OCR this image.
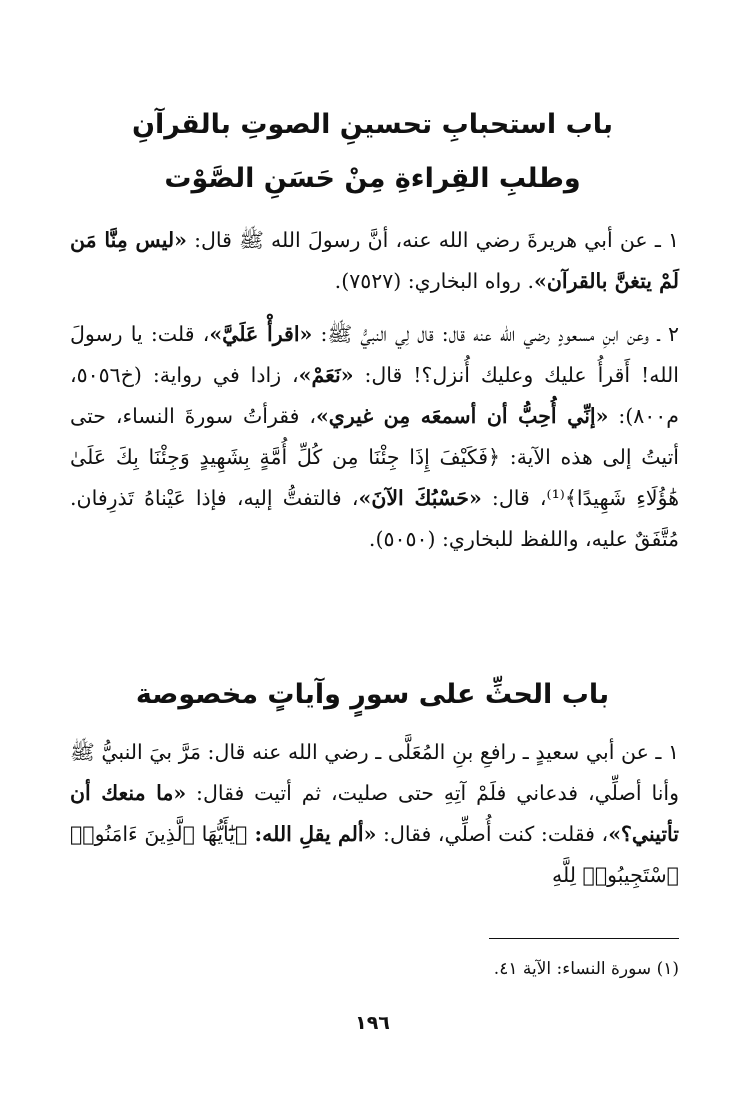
باب استحبابِ تحسينِ الصوتِ بالقرآنِ
وطلبِ القِراءةِ مِنْ حَسَنِ الصَّوْت

١ ـ عن أبي هريرةَ رضي الله عنه، أنَّ رسولَ الله ﷺ قال: «ليس مِنَّا مَن لَمْ يتغنَّ بالقرآن». رواه البخاري: (٧٥٢٧).

٢ ـ وعن ابنِ مسعودٍ رضي الله عنه قال: قال لِي النبيُّ ﷺ: «اقرأْ عَلَيَّ»، قلت: يا رسولَ الله! أَقرأُ عليك وعليك أُنزل؟! قال: «نَعَمْ»، زادا في رواية: (خ٥٠٥٦، م٨٠٠): «إنِّي أُحِبُّ أن أسمعَه مِن غيري»، فقرأتُ سورةَ النساء، حتى أتيتُ إلى هذه الآية: ﴿فَكَيْفَ إِذَا جِئْنَا مِن كُلِّ أُمَّةٍ بِشَهِيدٍ وَجِئْنَا بِكَ عَلَىٰ هَٰؤُلَاءِ شَهِيدًا﴾⁽¹⁾، قال: «حَسْبُكَ الآنَ»، فالتفتُّ إليه، فإذا عَيْناهُ تَذرِفان. مُتَّفَقٌ عليه، واللفظ للبخاري: (٥٠٥٠).

باب الحثِّ على سورٍ وآياتٍ مخصوصة

١ ـ عن أبي سعيدٍ ـ رافعِ بنِ المُعَلَّى ـ رضي الله عنه قال: مَرَّ بيَ النبيُّ ﷺ وأنا أصلِّي، فدعاني فلَمْ آتِهِ حتى صليت، ثم أتيت فقال: «ما منعك أن تأتيني؟»، فقلت: كنت أُصلِّي، فقال: «ألم يقلِ الله: ﴿يَٰٓأَيُّهَا ٱلَّذِينَ ءَامَنُوا۟ ٱسْتَجِيبُوا۟ لِلَّهِ

(١) سورة النساء: الآية ٤١.
١٩٦
